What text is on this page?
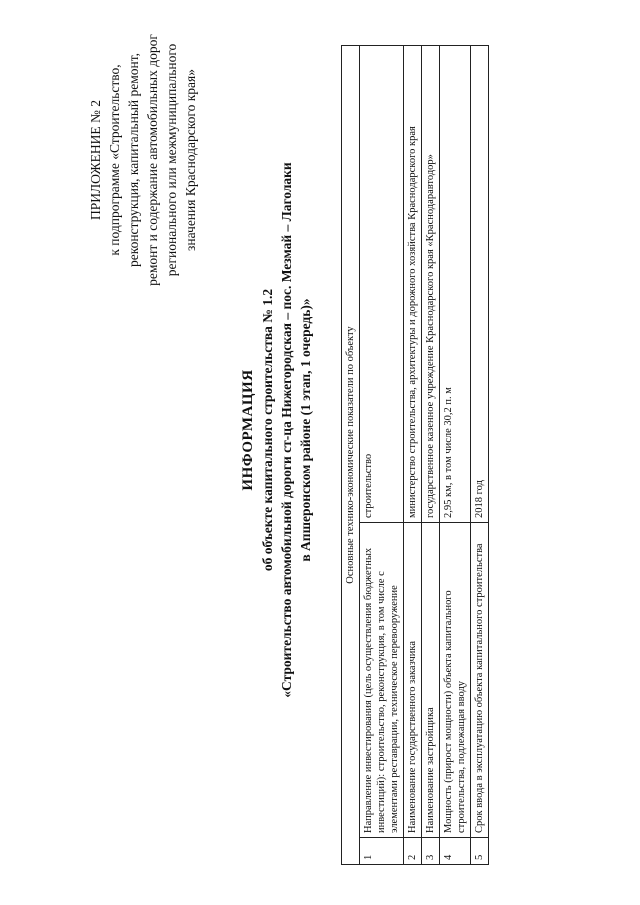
ПРИЛОЖЕНИЕ № 2 к подпрограмме «Строительство, реконструкция, капитальный ремонт, ремонт и содержание автомобильных дорог регионального или межмуниципального значения Краснодарского края»
ИНФОРМАЦИЯ об объекте капитального строительства № 1.2 «Строительство автомобильной дороги ст-ца Нижегородская – пос. Мезмай – Лаголаки в Апшеронском районе (1 этап, 1 очередь)»	Основные технико-экономические показатели по объекту		
1	Направление инвестирования (цель осуществления бюджетных инвестиций): строительство, реконструкция, в том числе с элементами реставрации, техническое перевооружение	строительство
2	Наименование государственного заказчика	министерство строительства, архитектуры и дорожного хозяйства Краснодарского края
3	Наименование застройщика	государственное казенное учреждение Краснодарского края «Краснодаравтодор»
4	Мощность (прирост мощности) объекта капитального строительства, подлежащая вводу	2,95 км, в том числе 30,2 п. м
5	Срок ввода в эксплуатацию объекта капитального строительства	2018 год
